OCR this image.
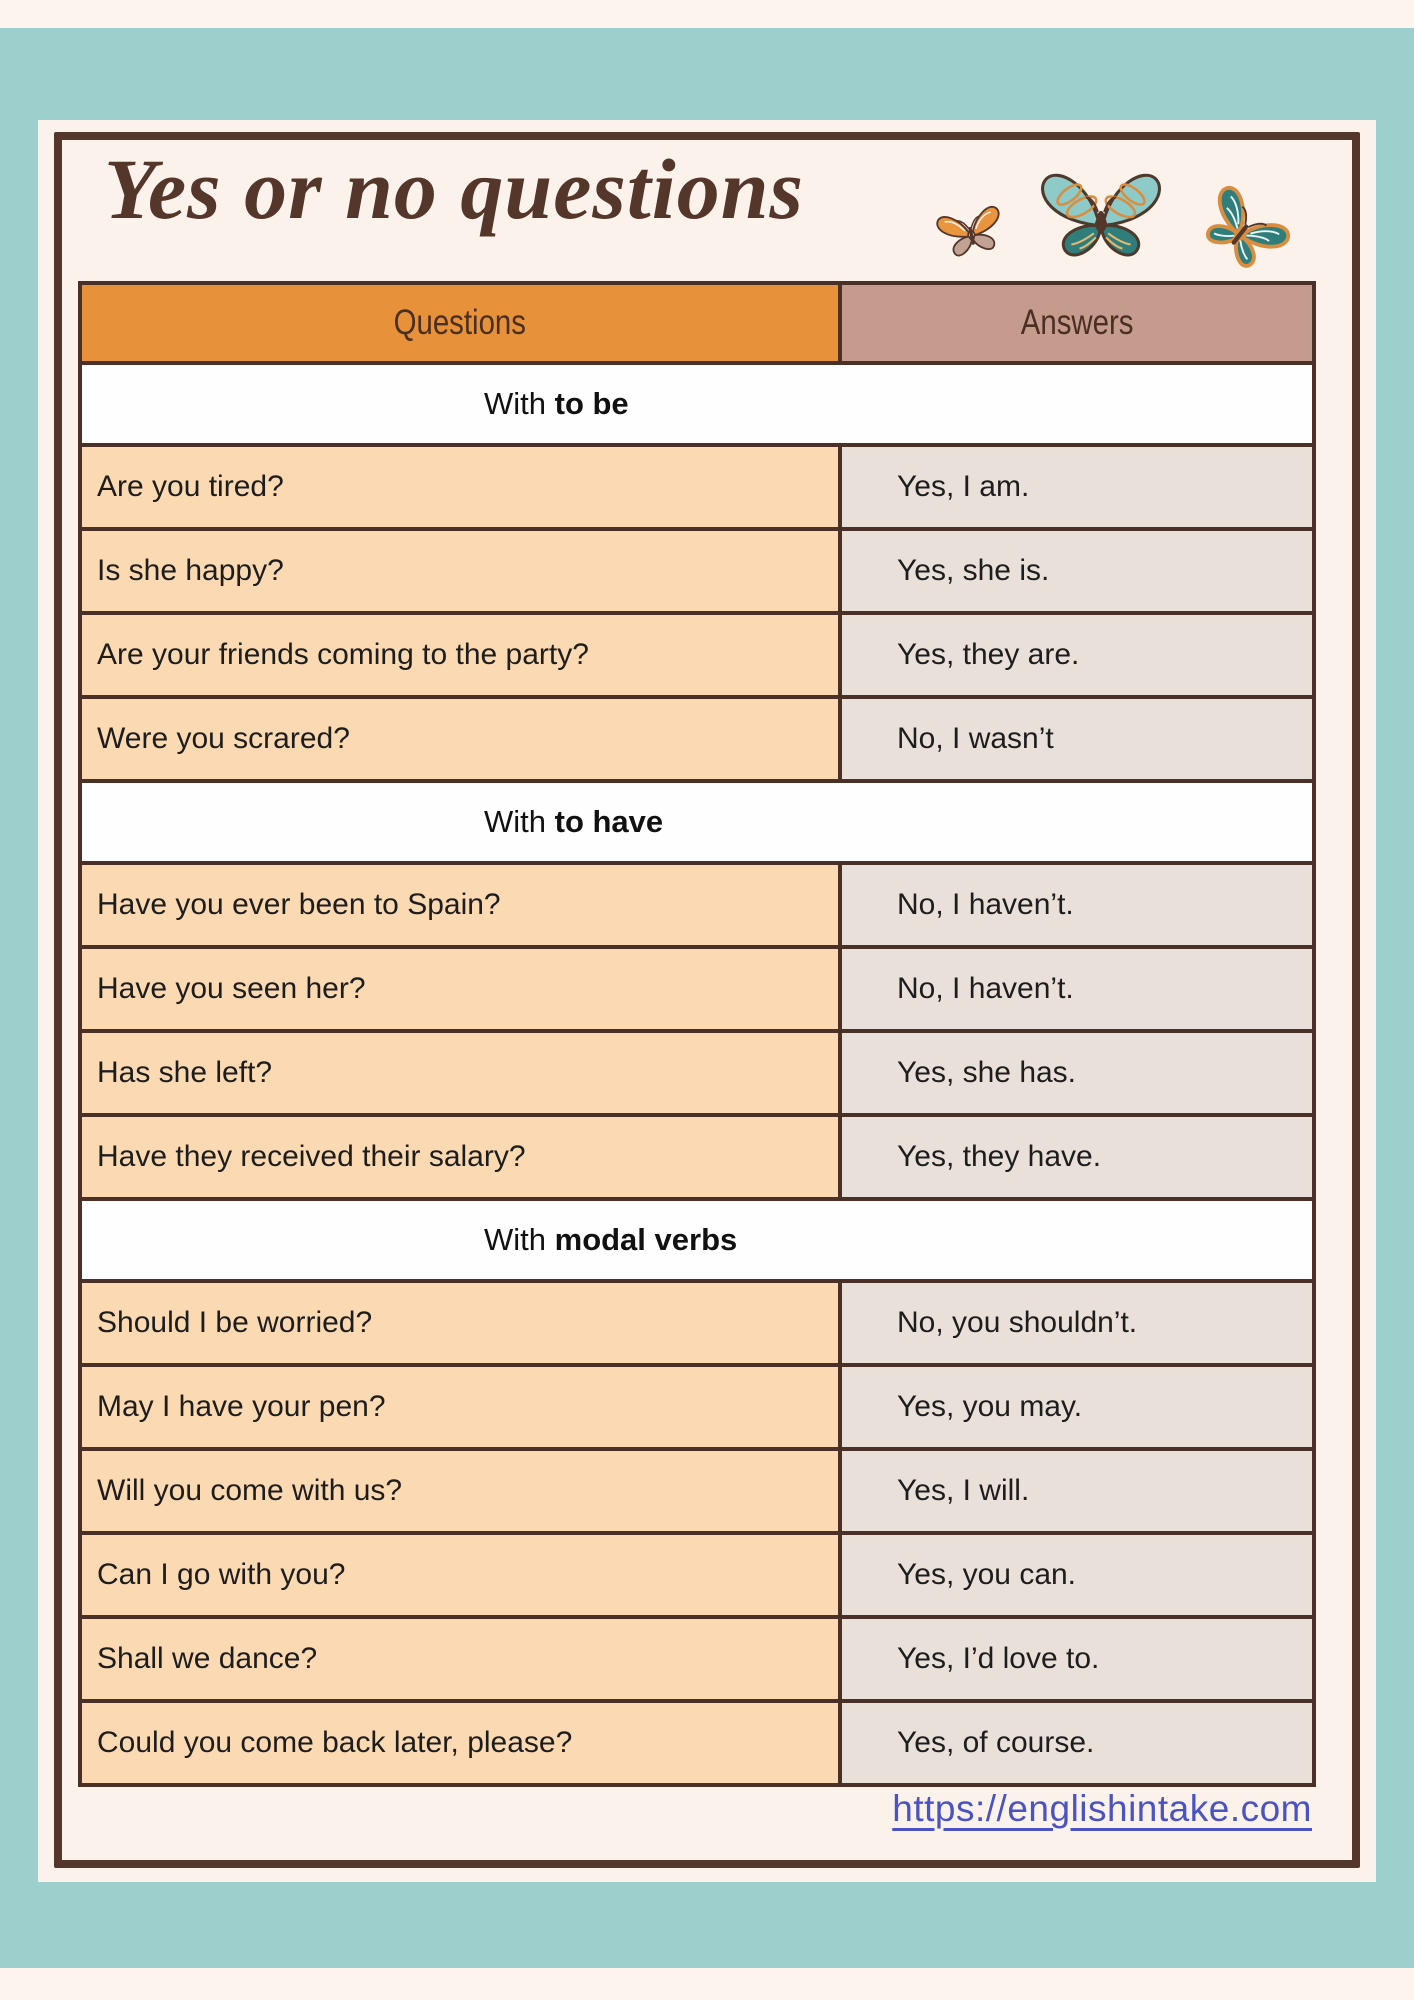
Yes or no questions
Questions	Answers
With to be	
Are you tired?	Yes, I am.
Is she happy?	Yes, she is.
Are your friends coming to the party?	Yes, they are.
Were you scrared?	No, I wasn’t
With to have	
Have you ever been to Spain?	No, I haven’t.
Have you seen her?	No, I haven’t.
Has she left?	Yes, she has.
Have they received their salary?	Yes, they have.
With modal verbs	
Should I be worried?	No, you shouldn’t.
May I have your pen?	Yes, you may.
Will you come with us?	Yes, I will.
Can I go with you?	Yes, you can.
Shall we dance?	Yes, I’d love to.
Could you come back later, please?	Yes, of course.
https://englishintake.com
